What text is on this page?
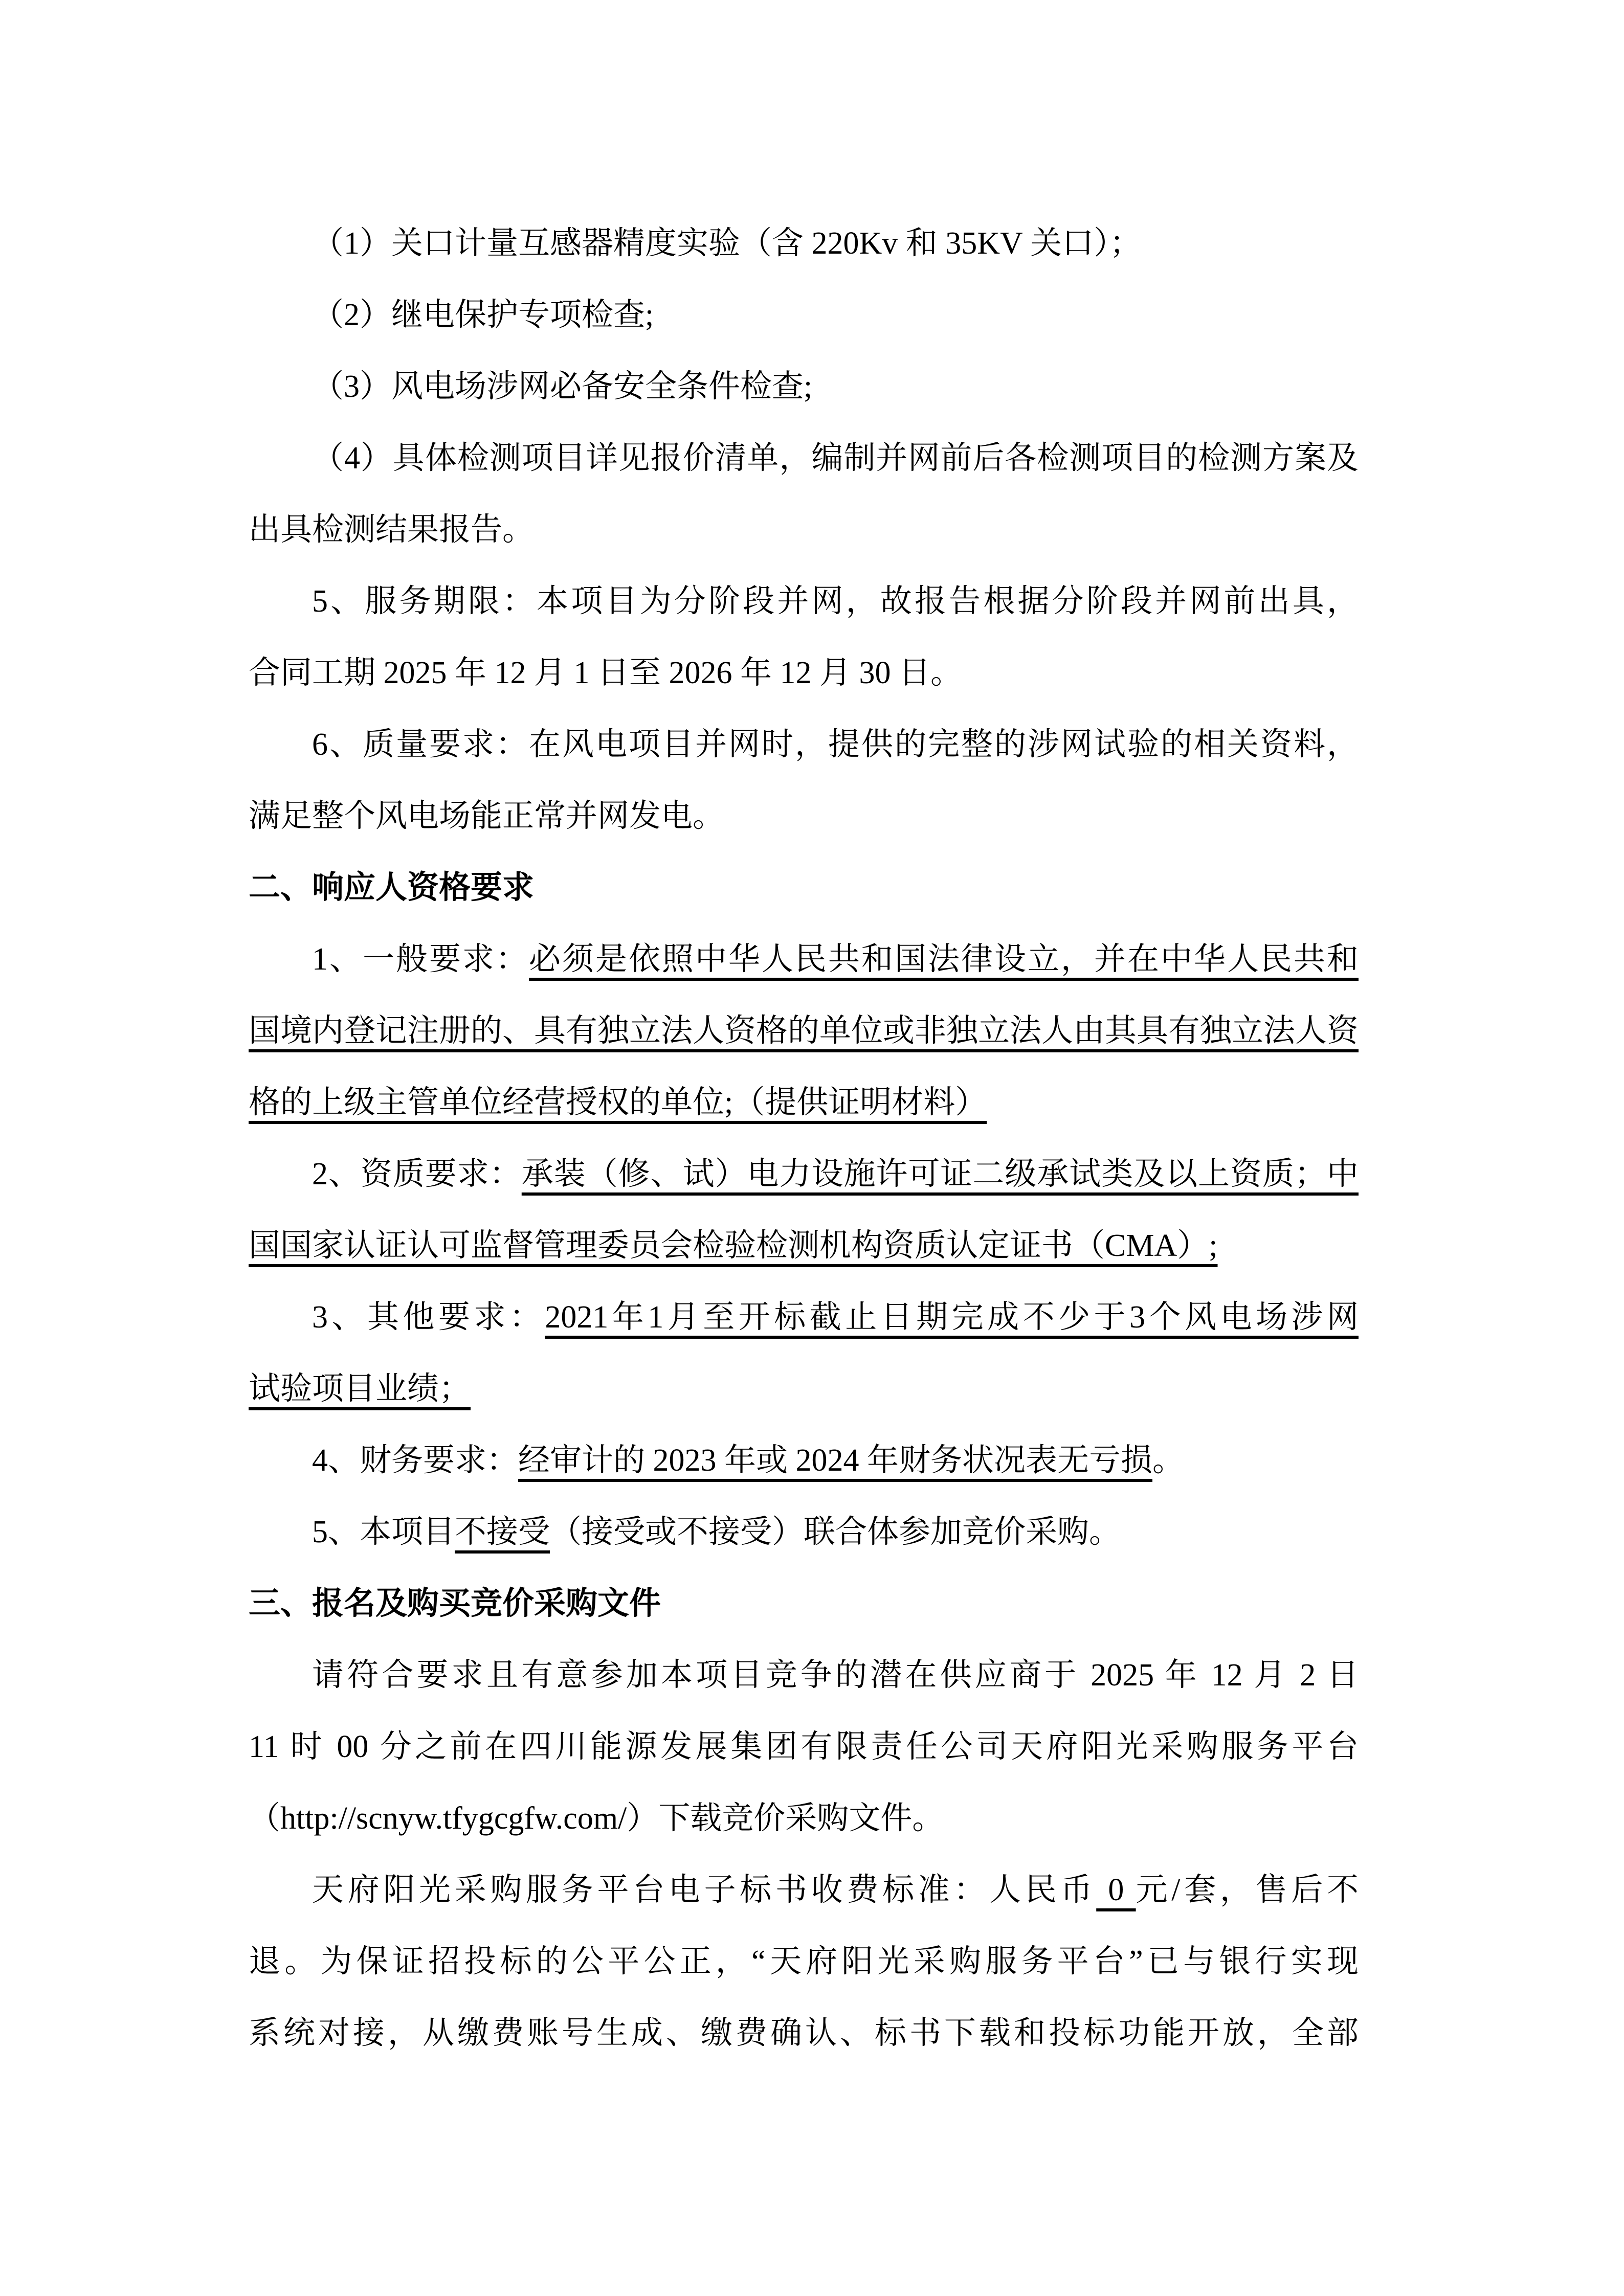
（1）关口计量互感器精度实验（含 220Kv 和 35KV 关口）；
（2）继电保护专项检查;
（3）风电场涉网必备安全条件检查;
（4）具体检测项目详见报价清单，编制并网前后各检测项目的检测方案及
出具检测结果报告。
5、服务期限：本项目为分阶段并网，故报告根据分阶段并网前出具，
合同工期 2025 年 12 月 1 日至 2026 年 12 月 30 日。
6、质量要求：在风电项目并网时，提供的完整的涉网试验的相关资料，
满足整个风电场能正常并网发电。
二、响应人资格要求
1、一般要求：必须是依照中华人民共和国法律设立，并在中华人民共和
国境内登记注册的、具有独立法人资格的单位或非独立法人由其具有独立法人资
格的上级主管单位经营授权的单位;（提供证明材料）
2、资质要求：承装（修、试）电力设施许可证二级承试类及以上资质；中
国国家认证认可监督管理委员会检验检测机构资质认定证书（CMA）;
3、其他要求：2021年1月至开标截止日期完成不少于3个风电场涉网
试验项目业绩；
4、财务要求：经审计的 2023 年或 2024 年财务状况表无亏损。
5、本项目不接受（接受或不接受）联合体参加竞价采购。
三、报名及购买竞价采购文件
请符合要求且有意参加本项目竞争的潜在供应商于 2025 年 12 月 2 日
11 时 00 分之前在四川能源发展集团有限责任公司天府阳光采购服务平台
（http://scnyw.tfygcgfw.com/）下载竞价采购文件。
天府阳光采购服务平台电子标书收费标准：人民币 0 元/套，售后不
退。为保证招投标的公平公正，“天府阳光采购服务平台”已与银行实现
系统对接，从缴费账号生成、缴费确认、标书下载和投标功能开放，全部
